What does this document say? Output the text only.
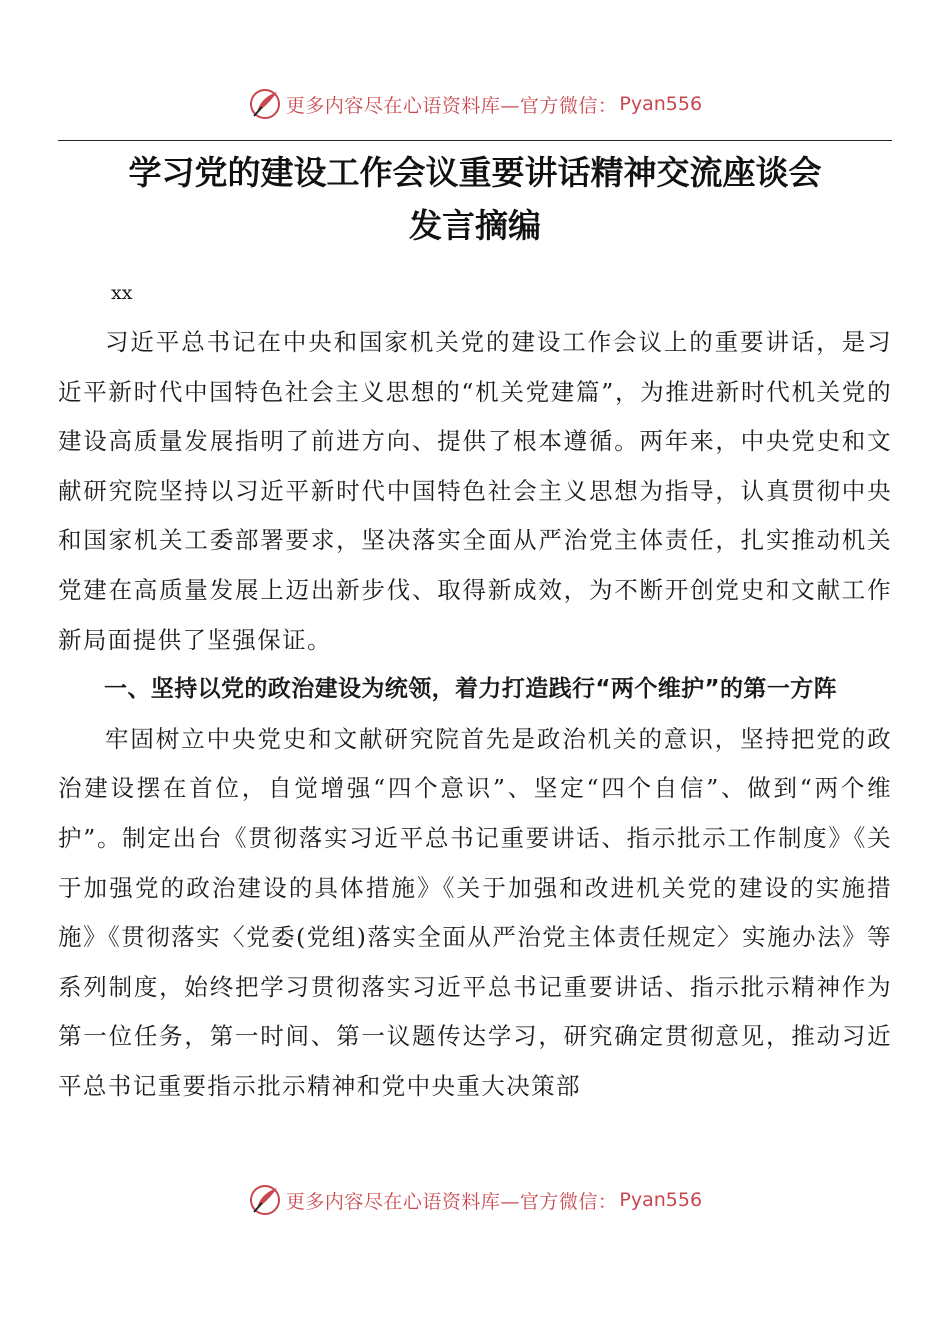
更多内容尽在心语资料库—官方微信： Pyan556
学习党的建设工作会议重要讲话精神交流座谈会
发言摘编
xx

习近平总书记在中央和国家机关党的建设工作会议上的重要讲话，是习近平新时代中国特色社会主义思想的“机关党建篇”，为推进新时代机关党的建设高质量发展指明了前进方向、提供了根本遵循。两年来，中央党史和文献研究院坚持以习近平新时代中国特色社会主义思想为指导，认真贯彻中央和国家机关工委部署要求，坚决落实全面从严治党主体责任，扎实推动机关党建在高质量发展上迈出新步伐、取得新成效，为不断开创党史和文献工作新局面提供了坚强保证。

一、坚持以党的政治建设为统领，着力打造践行“两个维护”的第一方阵

牢固树立中央党史和文献研究院首先是政治机关的意识，坚持把党的政治建设摆在首位，自觉增强“四个意识”、坚定“四个自信”、做到“两个维护”。制定出台《贯彻落实习近平总书记重要讲话、指示批示工作制度》《关于加强党的政治建设的具体措施》《关于加强和改进机关党的建设的实施措施》《贯彻落实〈党委(党组)落实全面从严治党主体责任规定〉实施办法》等系列制度，始终把学习贯彻落实习近平总书记重要讲话、指示批示精神作为第一位任务，第一时间、第一议题传达学习，研究确定贯彻意见，推动习近平总书记重要指示批示精神和党中央重大决策部

更多内容尽在心语资料库—官方微信： Pyan556
